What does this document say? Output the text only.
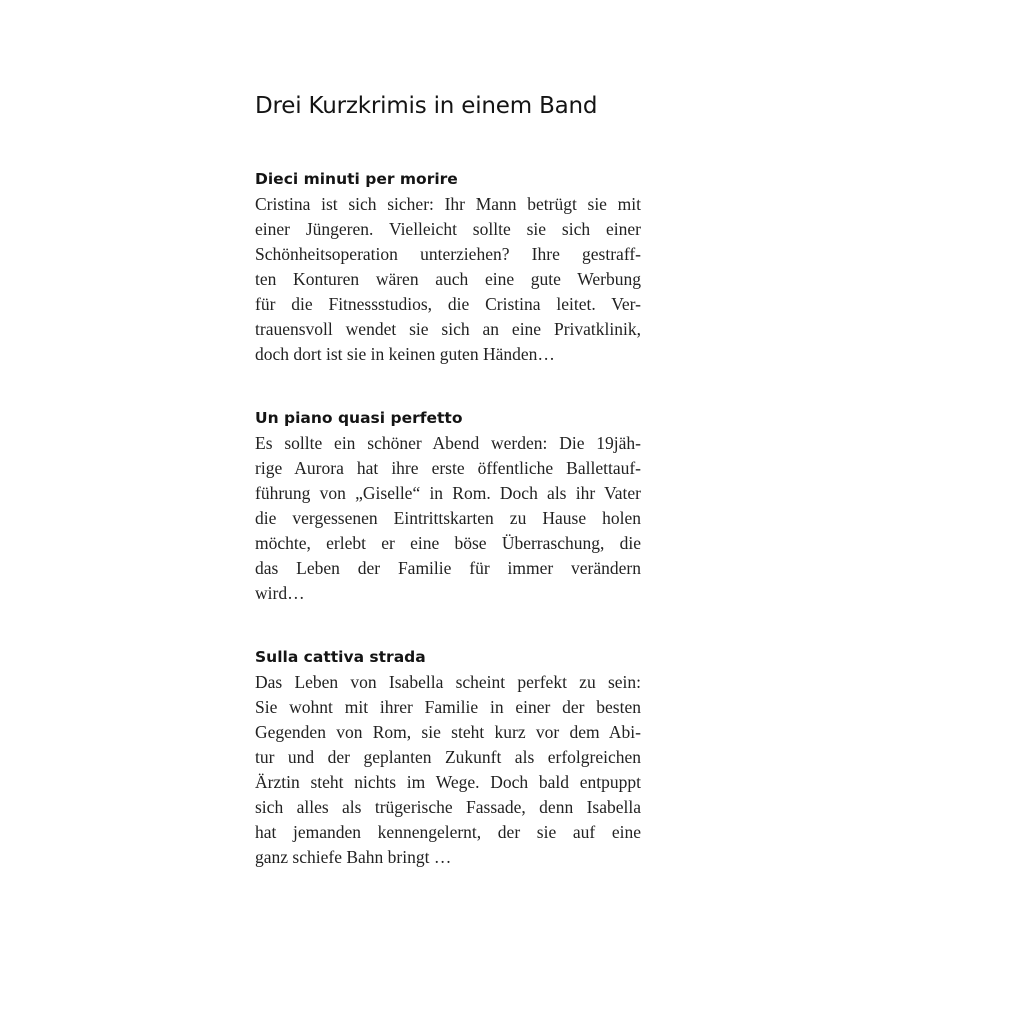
Drei Kurzkrimis in einem Band
Dieci minuti per morire

Cristina ist sich sicher: Ihr Mann betrügt sie mit
einer Jüngeren. Vielleicht sollte sie sich einer
Schönheitsoperation unterziehen? Ihre gestraff-
ten Konturen wären auch eine gute Werbung
für die Fitnessstudios, die Cristina leitet. Ver-
trauensvoll wendet sie sich an eine Privatklinik,
doch dort ist sie in keinen guten Händen…

Un piano quasi perfetto

Es sollte ein schöner Abend werden: Die 19jäh-
rige Aurora hat ihre erste öffentliche Ballettauf-
führung von „Giselle“ in Rom. Doch als ihr Vater
die vergessenen Eintrittskarten zu Hause holen
möchte, erlebt er eine böse Überraschung, die
das Leben der Familie für immer verändern
wird…

Sulla cattiva strada

Das Leben von Isabella scheint perfekt zu sein:
Sie wohnt mit ihrer Familie in einer der besten
Gegenden von Rom, sie steht kurz vor dem Abi-
tur und der geplanten Zukunft als erfolgreichen
Ärztin steht nichts im Wege. Doch bald entpuppt
sich alles als trügerische Fassade, denn Isabella
hat jemanden kennengelernt, der sie auf eine
ganz schiefe Bahn bringt …
